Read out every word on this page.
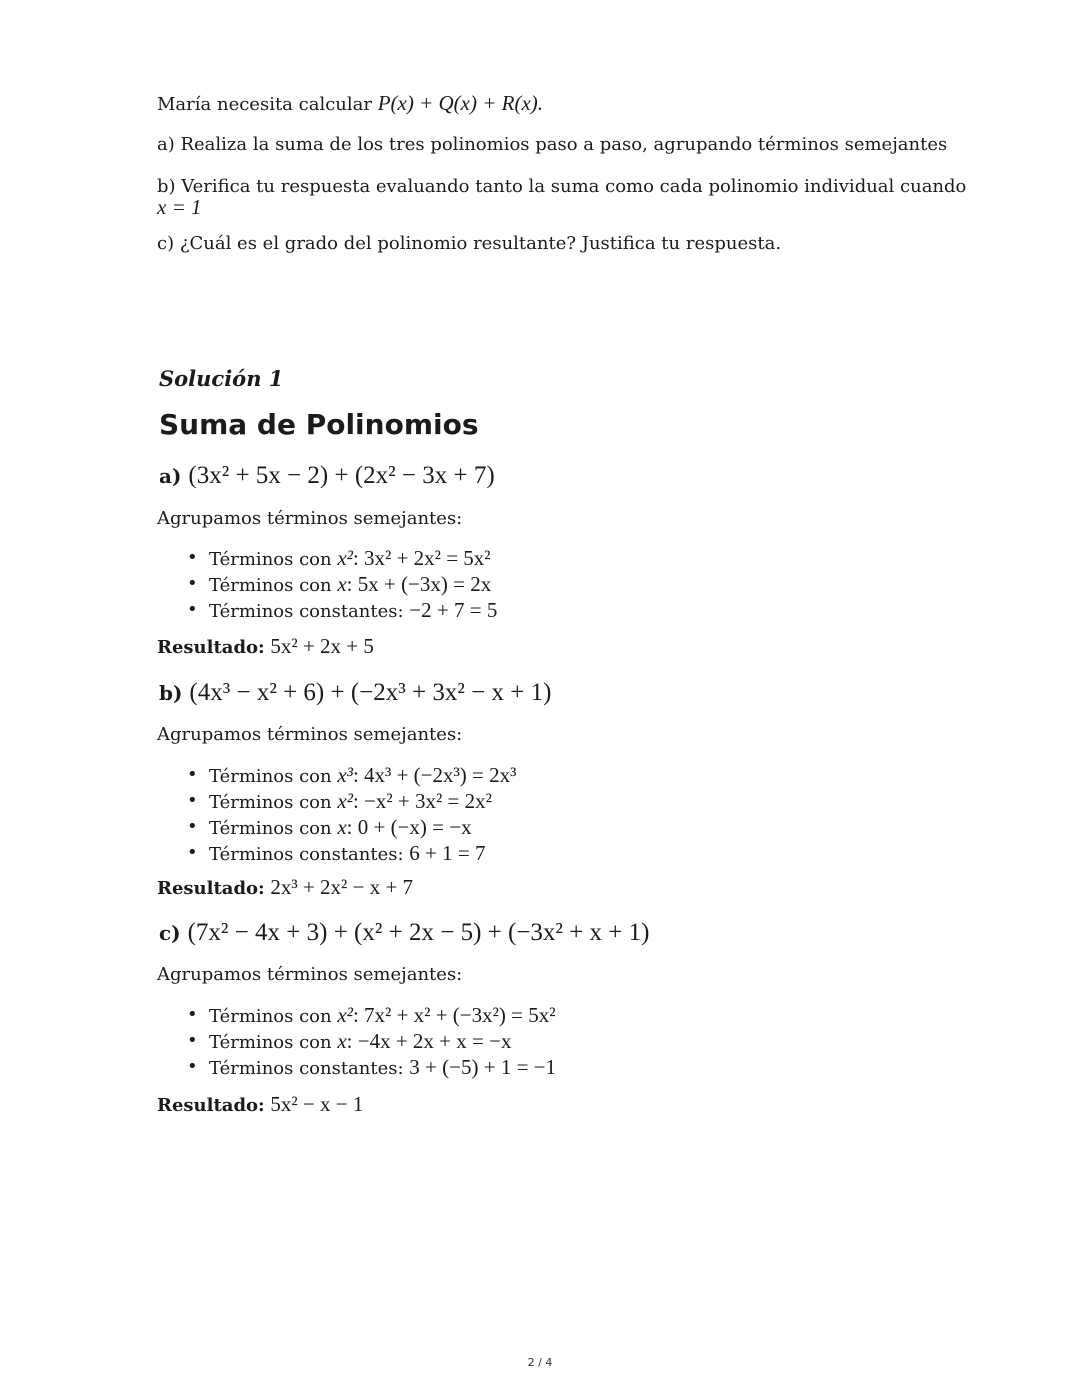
María necesita calcular P(x) + Q(x) + R(x).
a) Realiza la suma de los tres polinomios paso a paso, agrupando términos semejantes
b) Verifica tu respuesta evaluando tanto la suma como cada polinomio individual cuando
x = 1
c) ¿Cuál es el grado del polinomio resultante? Justifica tu respuesta.
Solución 1
Suma de Polinomios
a) (3x² + 5x − 2) + (2x² − 3x + 7)
Agrupamos términos semejantes:
• Términos con x²: 3x² + 2x² = 5x²
• Términos con x: 5x + (−3x) = 2x
• Términos constantes: −2 + 7 = 5
Resultado: 5x² + 2x + 5
b) (4x³ − x² + 6) + (−2x³ + 3x² − x + 1)
Agrupamos términos semejantes:
• Términos con x³: 4x³ + (−2x³) = 2x³
• Términos con x²: −x² + 3x² = 2x²
• Términos con x: 0 + (−x) = −x
• Términos constantes: 6 + 1 = 7
Resultado: 2x³ + 2x² − x + 7
c) (7x² − 4x + 3) + (x² + 2x − 5) + (−3x² + x + 1)
Agrupamos términos semejantes:
• Términos con x²: 7x² + x² + (−3x²) = 5x²
• Términos con x: −4x + 2x + x = −x
• Términos constantes: 3 + (−5) + 1 = −1
Resultado: 5x² − x − 1
2 / 4
